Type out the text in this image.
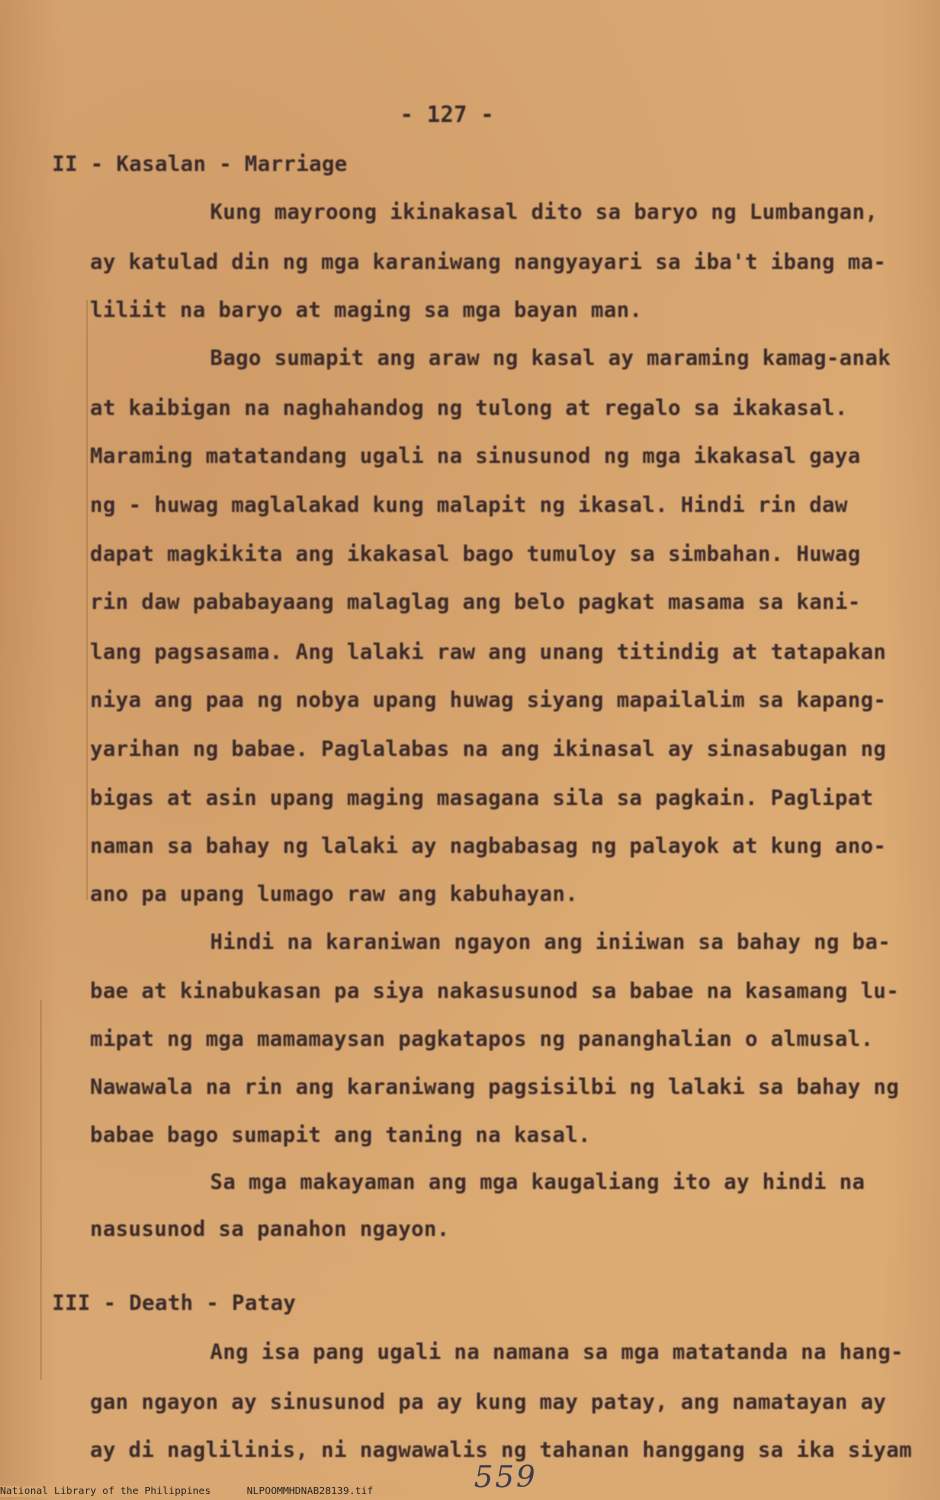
- 127 -
II - Kasalan - Marriage
Kung mayroong ikinakasal dito sa baryo ng Lumbangan,
ay katulad din ng mga karaniwang nangyayari sa iba't ibang ma-
liliit na baryo at maging sa mga bayan man.
Bago sumapit ang araw ng kasal ay maraming kamag-anak
at kaibigan na naghahandog ng tulong at regalo sa ikakasal.
Maraming matatandang ugali na sinusunod ng mga ikakasal gaya
ng - huwag maglalakad kung malapit ng ikasal. Hindi rin daw
dapat magkikita ang ikakasal bago tumuloy sa simbahan. Huwag
rin daw pababayaang malaglag ang belo pagkat masama sa kani-
lang pagsasama. Ang lalaki raw ang unang titindig at tatapakan
niya ang paa ng nobya upang huwag siyang mapailalim sa kapang-
yarihan ng babae. Paglalabas na ang ikinasal ay sinasabugan ng
bigas at asin upang maging masagana sila sa pagkain. Paglipat
naman sa bahay ng lalaki ay nagbabasag ng palayok at kung ano-
ano pa upang lumago raw ang kabuhayan.
Hindi na karaniwan ngayon ang iniiwan sa bahay ng ba-
bae at kinabukasan pa siya nakasusunod sa babae na kasamang lu-
mipat ng mga mamamaysan pagkatapos ng pananghalian o almusal.
Nawawala na rin ang karaniwang pagsisilbi ng lalaki sa bahay ng
babae bago sumapit ang taning na kasal.
Sa mga makayaman ang mga kaugaliang ito ay hindi na
nasusunod sa panahon ngayon.
III - Death - Patay
Ang isa pang ugali na namana sa mga matatanda na hang-
gan ngayon ay sinusunod pa ay kung may patay, ang namatayan ay
ay di naglilinis, ni nagwawalis ng tahanan hanggang sa ika siyam
559
National Library of the Philippines	NLPOOMMHDNAB28139.tif
